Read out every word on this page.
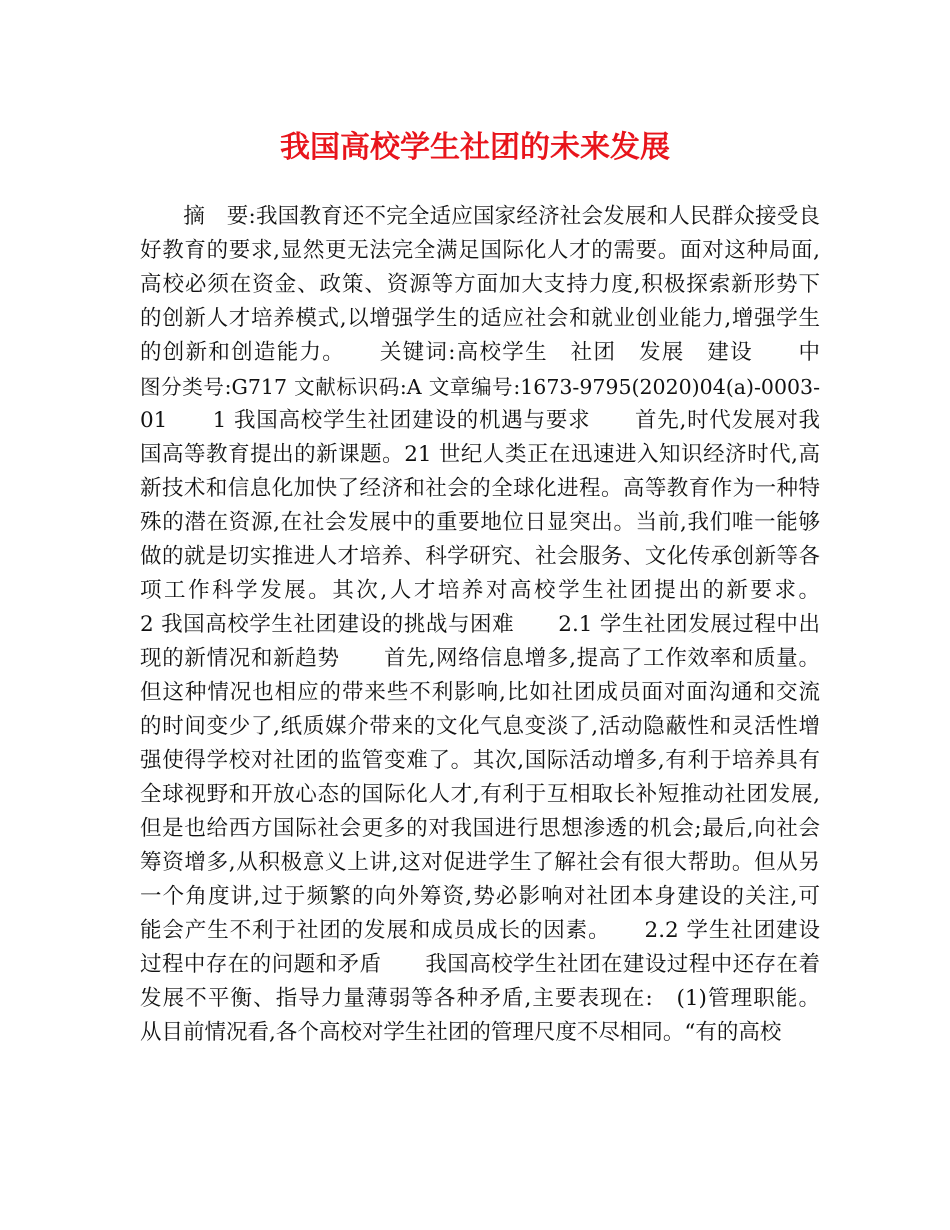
我国高校学生社团的未来发展
　　摘　要:我国教育还不完全适应国家经济社会发展和人民群众接受良
好教育的要求,显然更无法完全满足国际化人才的需要。面对这种局面,
高校必须在资金、政策、资源等方面加大支持力度,积极探索新形势下
的创新人才培养模式,以增强学生的适应社会和就业创业能力,增强学生
的创新和创造能力。　　关键词:高校学生　社团　发展　建设　　中
图分类号:G717 文献标识码:A 文章编号:1673-9795(2020)04(a)-0003-
01　　1 我国高校学生社团建设的机遇与要求　　首先,时代发展对我
国高等教育提出的新课题。21 世纪人类正在迅速进入知识经济时代,高
新技术和信息化加快了经济和社会的全球化进程。高等教育作为一种特
殊的潜在资源,在社会发展中的重要地位日显突出。当前,我们唯一能够
做的就是切实推进人才培养、科学研究、社会服务、文化传承创新等各
项工作科学发展。其次,人才培养对高校学生社团提出的新要求。
2 我国高校学生社团建设的挑战与困难　　2.1 学生社团发展过程中出
现的新情况和新趋势　　首先,网络信息增多,提高了工作效率和质量。
但这种情况也相应的带来些不利影响,比如社团成员面对面沟通和交流
的时间变少了,纸质媒介带来的文化气息变淡了,活动隐蔽性和灵活性增
强使得学校对社团的监管变难了。其次,国际活动增多,有利于培养具有
全球视野和开放心态的国际化人才,有利于互相取长补短推动社团发展,
但是也给西方国际社会更多的对我国进行思想渗透的机会;最后,向社会
筹资增多,从积极意义上讲,这对促进学生了解社会有很大帮助。但从另
一个角度讲,过于频繁的向外筹资,势必影响对社团本身建设的关注,可
能会产生不利于社团的发展和成员成长的因素。　　2.2 学生社团建设
过程中存在的问题和矛盾　　我国高校学生社团在建设过程中还存在着
发展不平衡、指导力量薄弱等各种矛盾,主要表现在:　(1)管理职能。
从目前情况看,各个高校对学生社团的管理尺度不尽相同。“有的高校
